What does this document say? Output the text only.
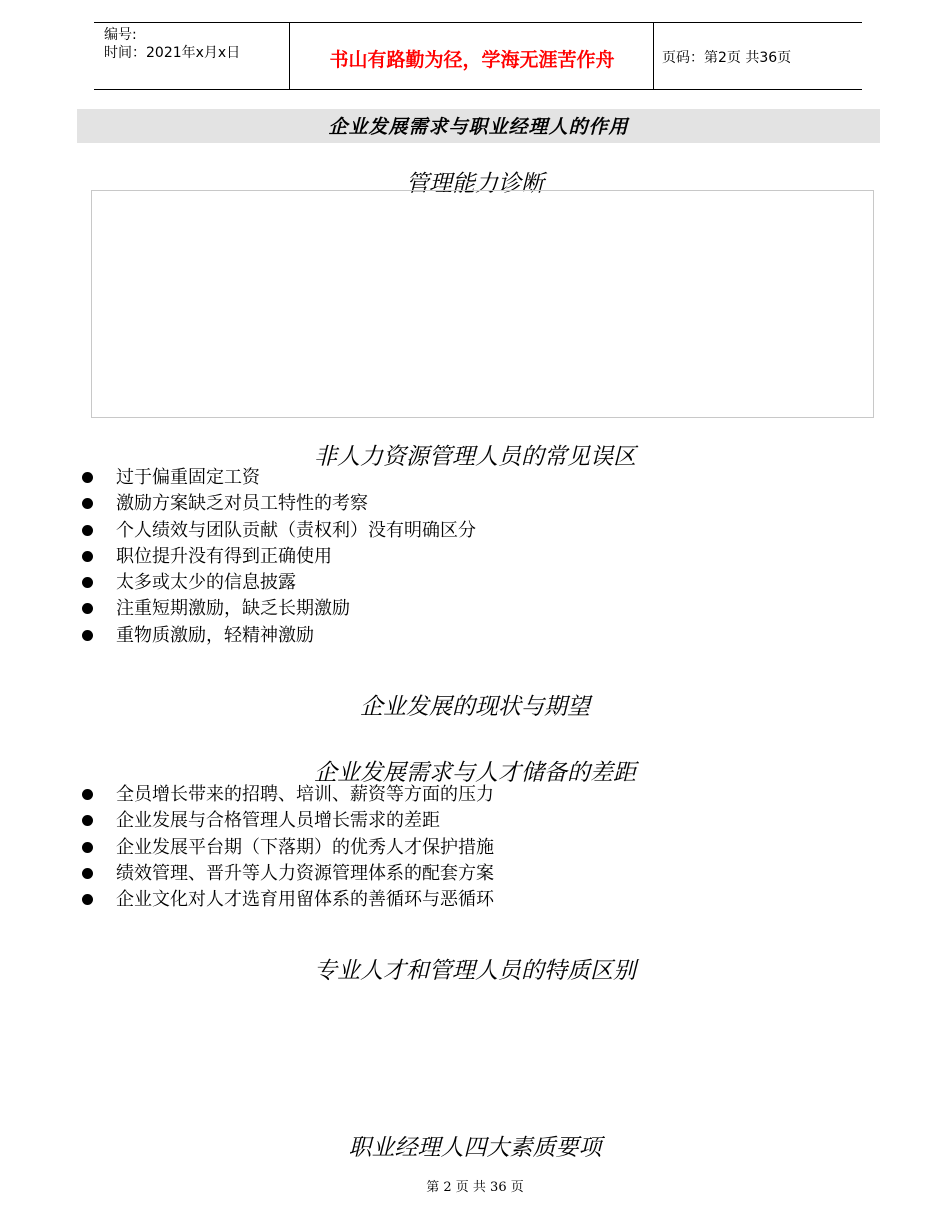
编号:
时间：2021年x月x日	书山有路勤为径，学海无涯苦作舟	页码：第2页 共36页
企业发展需求与职业经理人的作用
管理能力诊断
非人力资源管理人员的常见误区
过于偏重固定工资
激励方案缺乏对员工特性的考察
个人绩效与团队贡献（责权利）没有明确区分
职位提升没有得到正确使用
太多或太少的信息披露
注重短期激励，缺乏长期激励
重物质激励，轻精神激励
企业发展的现状与期望
企业发展需求与人才储备的差距
全员增长带来的招聘、培训、薪资等方面的压力
企业发展与合格管理人员增长需求的差距
企业发展平台期（下落期）的优秀人才保护措施
绩效管理、晋升等人力资源管理体系的配套方案
企业文化对人才选育用留体系的善循环与恶循环
专业人才和管理人员的特质区别
职业经理人四大素质要项
第 2 页 共 36 页
